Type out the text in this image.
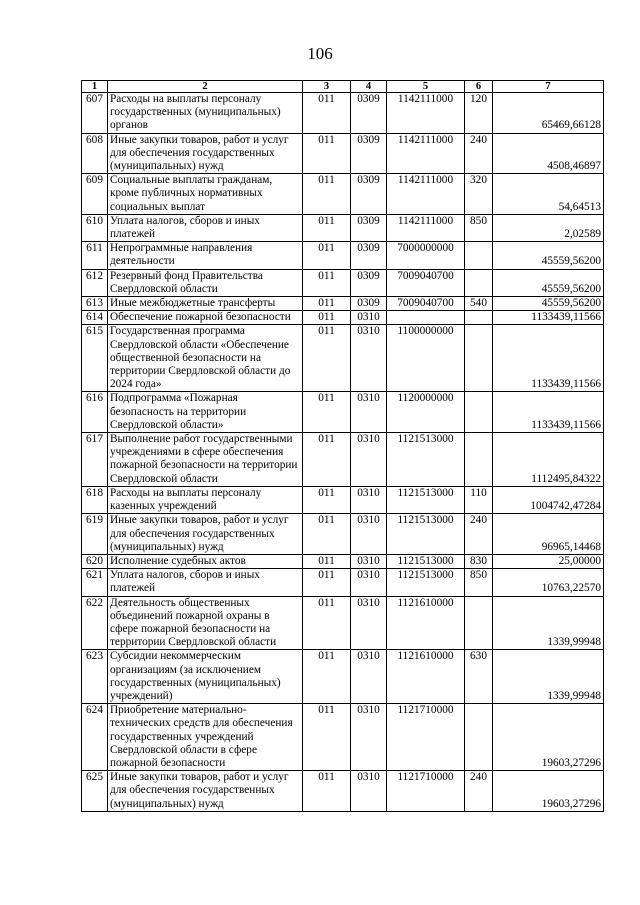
106
1	2	3	4	5	6	7
607	Расходы на выплаты персоналу государственных (муниципальных) органов	011	0309	1142111000	120	65469,66128
608	Иные закупки товаров, работ и услуг для обеспечения государственных (муниципальных) нужд	011	0309	1142111000	240	4508,46897
609	Социальные выплаты гражданам, кроме публичных нормативных социальных выплат	011	0309	1142111000	320	54,64513
610	Уплата налогов, сборов и иных платежей	011	0309	1142111000	850	2,02589
611	Непрограммные направления деятельности	011	0309	7000000000		45559,56200
612	Резервный фонд Правительства Свердловской области	011	0309	7009040700		45559,56200
613	Иные межбюджетные трансферты	011	0309	7009040700	540	45559,56200
614	Обеспечение пожарной безопасности	011	0310			1133439,11566
615	Государственная программа Свердловской области «Обеспечение общественной безопасности на территории Свердловской области до 2024 года»	011	0310	1100000000		1133439,11566
616	Подпрограмма «Пожарная безопасность на территории Свердловской области»	011	0310	1120000000		1133439,11566
617	Выполнение работ государственными учреждениями в сфере обеспечения пожарной безопасности на территории Свердловской области	011	0310	1121513000		1112495,84322
618	Расходы на выплаты персоналу казенных учреждений	011	0310	1121513000	110	1004742,47284
619	Иные закупки товаров, работ и услуг для обеспечения государственных (муниципальных) нужд	011	0310	1121513000	240	96965,14468
620	Исполнение судебных актов	011	0310	1121513000	830	25,00000
621	Уплата налогов, сборов и иных платежей	011	0310	1121513000	850	10763,22570
622	Деятельность общественных объединений пожарной охраны в сфере пожарной безопасности на территории Свердловской области	011	0310	1121610000		1339,99948
623	Субсидии некоммерческим организациям (за исключением государственных (муниципальных) учреждений)	011	0310	1121610000	630	1339,99948
624	Приобретение материально-технических средств для обеспечения государственных учреждений Свердловской области в сфере пожарной безопасности	011	0310	1121710000		19603,27296
625	Иные закупки товаров, работ и услуг для обеспечения государственных (муниципальных) нужд	011	0310	1121710000	240	19603,27296
